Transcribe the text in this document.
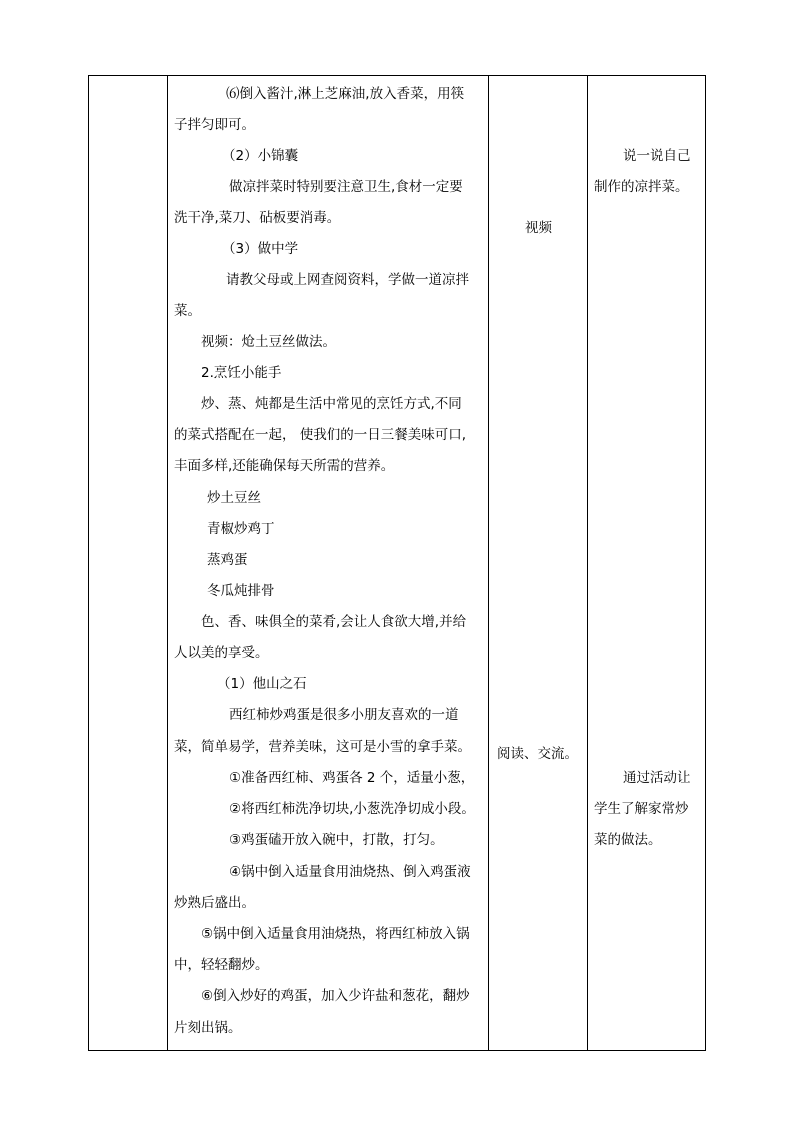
⑹倒入酱汁,淋上芝麻油,放入香菜，用筷
子拌匀即可。
（2）小锦囊
做凉拌菜时特别要注意卫生,食材一定要
洗干净,菜刀、砧板要消毒。
（3）做中学
请教父母或上网查阅资料，学做一道凉拌
菜。
视频：炝土豆丝做法。
2.烹饪小能手
炒、蒸、炖都是生活中常见的烹饪方式,不同
的菜式搭配在一起， 使我们的一日三餐美味可口,
丰面多样,还能确保每天所需的营养。
炒土豆丝
青椒炒鸡丁
蒸鸡蛋
冬瓜炖排骨
色、香、味俱全的菜肴,会让人食欲大增,并给
人以美的享受。
（1）他山之石
西红柿炒鸡蛋是很多小朋友喜欢的一道
菜，简单易学，营养美味，这可是小雪的拿手菜。
①准备西红柿、鸡蛋各 2 个，适量小葱，
②将西红柿洗净切块,小葱洗净切成小段。
③鸡蛋磕开放入碗中，打散，打匀。
④锅中倒入适量食用油烧热、倒入鸡蛋液
炒熟后盛出。
⑤锅中倒入适量食用油烧热，将西红柿放入锅
中，轻轻翻炒。
⑥倒入炒好的鸡蛋，加入少许盐和葱花，翻炒
片刻出锅。
视频
阅读、交流。
说一说自己
制作的凉拌菜。
通过活动让
学生了解家常炒
菜的做法。
